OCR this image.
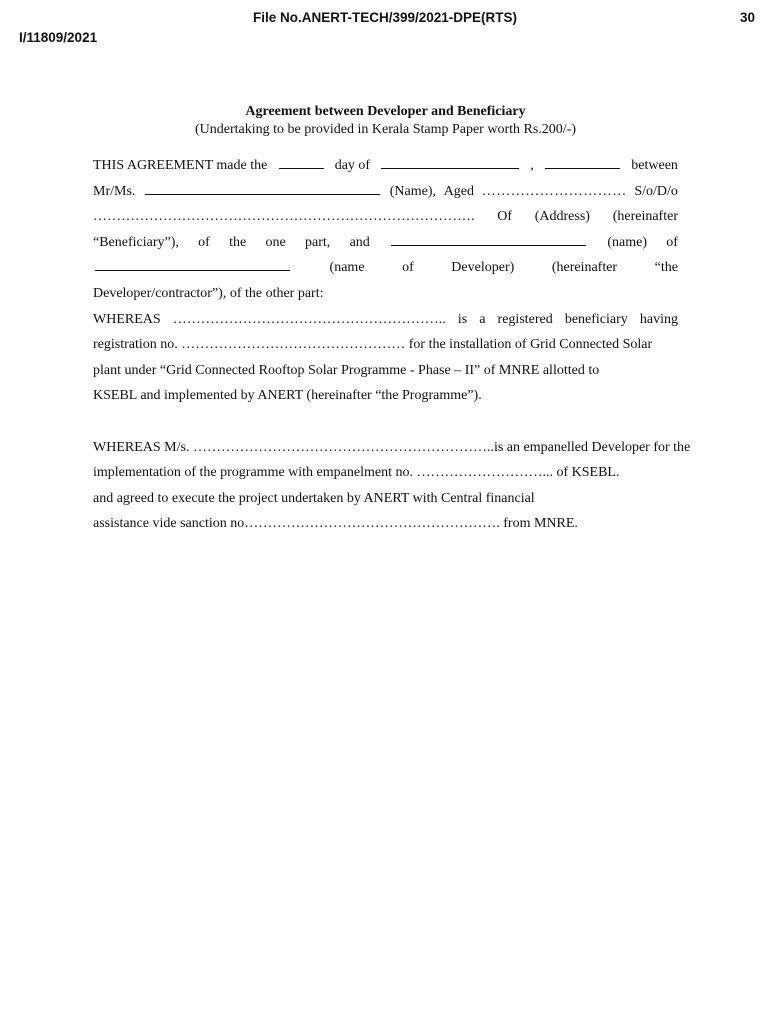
File No.ANERT-TECH/399/2021-DPE(RTS)	30
I/11809/2021
Agreement between Developer and Beneficiary
(Undertaking to be provided in Kerala Stamp Paper worth Rs.200/-)
THIS AGREEMENT made the	day of	,	between
Mr/Ms.	(Name), Aged ………………………… S/o/D/o
………………………………………………………………………. Of (Address) (hereinafter
“Beneficiary”), of the one part, and	(name) of
(name	of	Developer)	(hereinafter	“the
Developer/contractor”), of the other part:
WHEREAS ………………………………………………….. is a registered beneficiary having
registration no. ………………………………………… for the installation of Grid Connected Solar
plant under “Grid Connected Rooftop Solar Programme - Phase – II” of MNRE allotted to
KSEBL and implemented by ANERT (hereinafter “the Programme”).
WHEREAS M/s. ………………………………………………………..is an empanelled Developer for the
implementation of the programme with empanelment no. ………………………... of KSEBL.
and agreed to execute the project undertaken by ANERT with Central financial
assistance vide sanction no………………………………………………. from MNRE.
